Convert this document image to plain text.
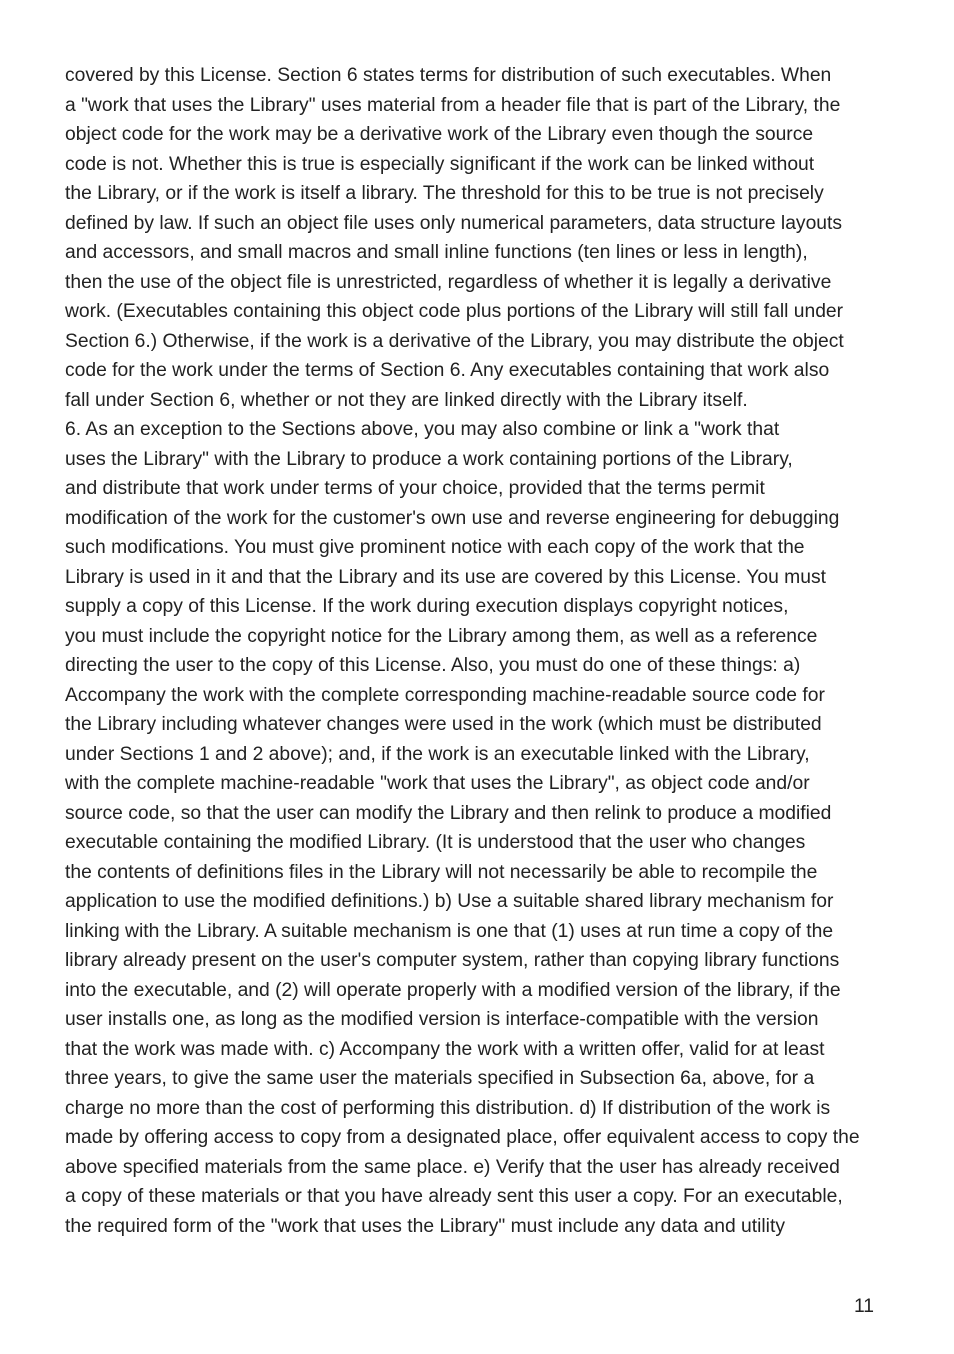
covered by this License. Section 6 states terms for distribution of such executables. When
a "work that uses the Library" uses material from a header file that is part of the Library, the
object code for the work may be a derivative work of the Library even though the source
code is not. Whether this is true is especially significant if the work can be linked without
the Library, or if the work is itself a library. The threshold for this to be true is not precisely
defined by law. If such an object file uses only numerical parameters, data structure layouts
and accessors, and small macros and small inline functions (ten lines or less in length),
then the use of the object file is unrestricted, regardless of whether it is legally a derivative
work. (Executables containing this object code plus portions of the Library will still fall under
Section 6.) Otherwise, if the work is a derivative of the Library, you may distribute the object
code for the work under the terms of Section 6. Any executables containing that work also
fall under Section 6, whether or not they are linked directly with the Library itself.
6. As an exception to the Sections above, you may also combine or link a "work that
uses the Library" with the Library to produce a work containing portions of the Library,
and distribute that work under terms of your choice, provided that the terms permit
modification of the work for the customer's own use and reverse engineering for debugging
such modifications. You must give prominent notice with each copy of the work that the
Library is used in it and that the Library and its use are covered by this License. You must
supply a copy of this License. If the work during execution displays copyright notices,
you must include the copyright notice for the Library among them, as well as a reference
directing the user to the copy of this License. Also, you must do one of these things: a)
Accompany the work with the complete corresponding machine-readable source code for
the Library including whatever changes were used in the work (which must be distributed
under Sections 1 and 2 above); and, if the work is an executable linked with the Library,
with the complete machine-readable "work that uses the Library", as object code and/or
source code, so that the user can modify the Library and then relink to produce a modified
executable containing the modified Library. (It is understood that the user who changes
the contents of definitions files in the Library will not necessarily be able to recompile the
application to use the modified definitions.) b) Use a suitable shared library mechanism for
linking with the Library. A suitable mechanism is one that (1) uses at run time a copy of the
library already present on the user's computer system, rather than copying library functions
into the executable, and (2) will operate properly with a modified version of the library, if the
user installs one, as long as the modified version is interface-compatible with the version
that the work was made with. c) Accompany the work with a written offer, valid for at least
three years, to give the same user the materials specified in Subsection 6a, above, for a
charge no more than the cost of performing this distribution. d) If distribution of the work is
made by offering access to copy from a designated place, offer equivalent access to copy the
above specified materials from the same place. e) Verify that the user has already received
a copy of these materials or that you have already sent this user a copy. For an executable,
the required form of the "work that uses the Library" must include any data and utility
11
